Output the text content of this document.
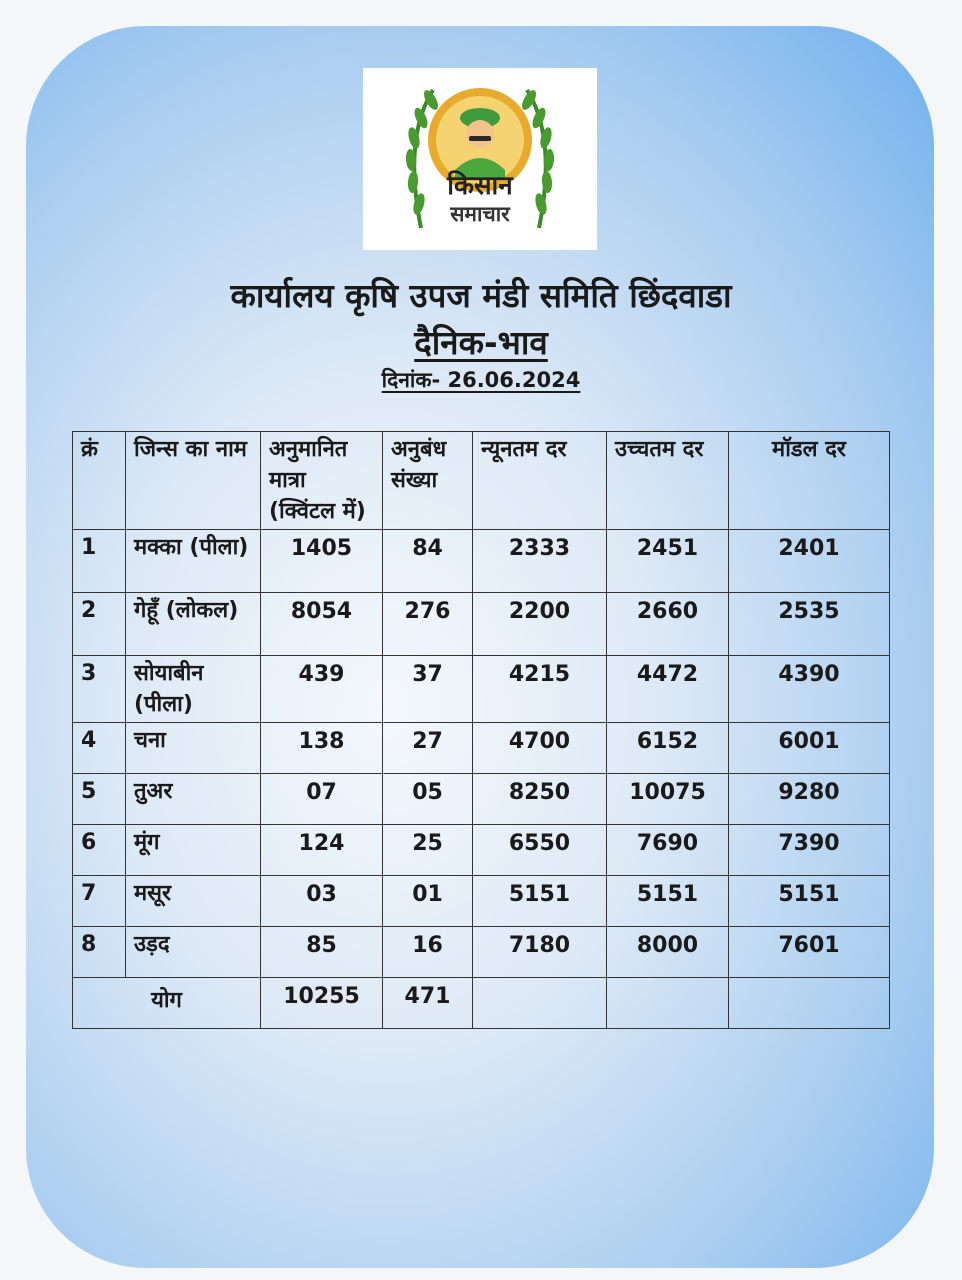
किसान
समाचार
कार्यालय कृषि उपज मंडी समिति छिंदवाडा
दैनिक-भाव
दिनांक- 26.06.2024
क्रं	जिन्स का नाम	अनुमानित मात्रा (क्विंटल में)	अनुबंध संख्या	न्यूनतम दर	उच्चतम दर	मॉडल दर
1	मक्का (पीला)	1405	84	2333	2451	2401
2	गेहूँ (लोकल)	8054	276	2200	2660	2535
3	सोयाबीन (पीला)	439	37	4215	4472	4390
4	चना	138	27	4700	6152	6001
5	तुअर	07	05	8250	10075	9280
6	मूंग	124	25	6550	7690	7390
7	मसूर	03	01	5151	5151	5151
8	उड़द	85	16	7180	8000	7601
योग		10255	471			
